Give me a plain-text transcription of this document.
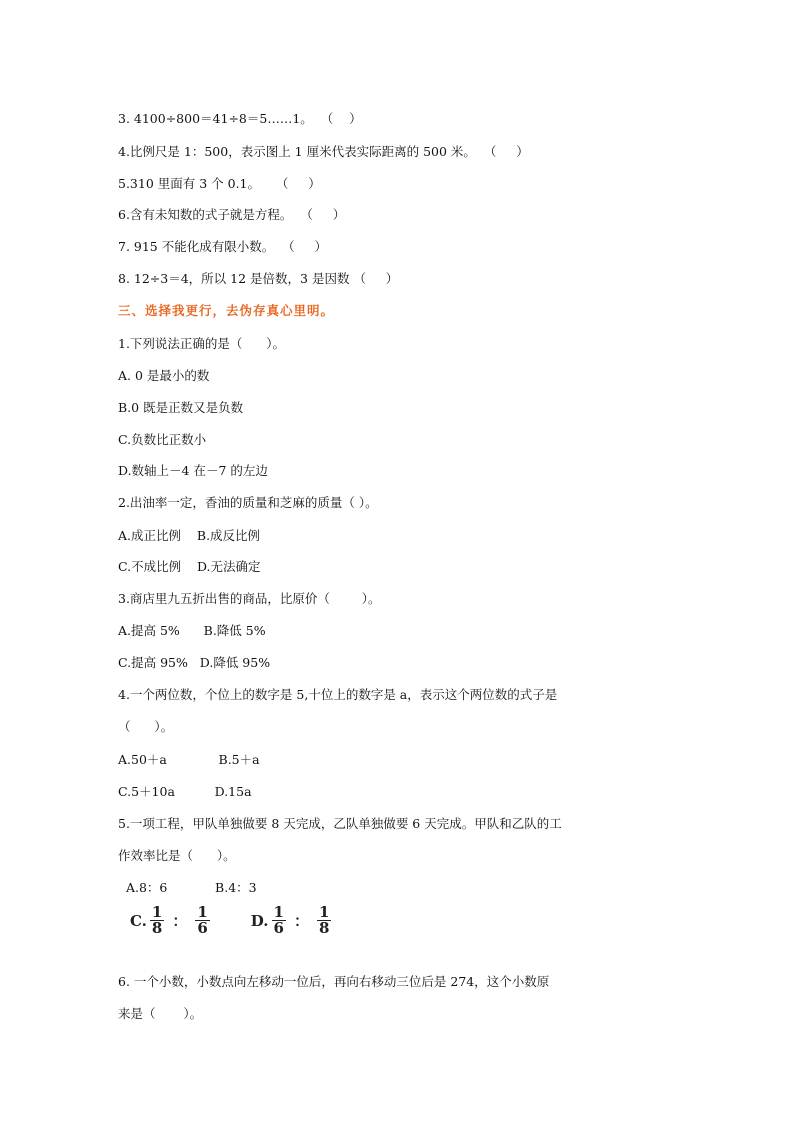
3. 4100÷800＝41÷8＝5……1。  （    ）
4.比例尺是 1：500，表示图上 1 厘米代表实际距离的 500 米。  （     ）
5.310 里面有 3 个 0.1。    （     ）
6.含有未知数的式子就是方程。  （     ）
7. 915 不能化成有限小数。  （     ）
8. 12÷3＝4，所以 12 是倍数，3 是因数 （     ）
三、选择我更行，去伪存真心里明。
1.下列说法正确的是（      ）。
A. 0 是最小的数
B.0 既是正数又是负数
C.负数比正数小
D.数轴上－4 在－7 的左边
2.出油率一定，香油的质量和芝麻的质量（ ）。
A.成正比例    B.成反比例
C.不成比例    D.无法确定
3.商店里九五折出售的商品，比原价（        ）。
A.提高 5%      B.降低 5%
C.提高 95%   D.降低 95%
4.一个两位数，个位上的数字是 5,十位上的数字是 a，表示这个两位数的式子是
（      ）。
A.50＋a             B.5＋a
C.5＋10a          D.15a
5.一项工程，甲队单独做要 8 天完成，乙队单独做要 6 天完成。甲队和乙队的工
作效率比是（      ）。
A.8：6            B.4：3
C. $\frac{1}{8}$ ： $\frac{1}{6}$	D. $\frac{1}{6}$ ： $\frac{1}{8}$
6. 一个小数，小数点向左移动一位后，再向右移动三位后是 274，这个小数原
来是（       ）。
